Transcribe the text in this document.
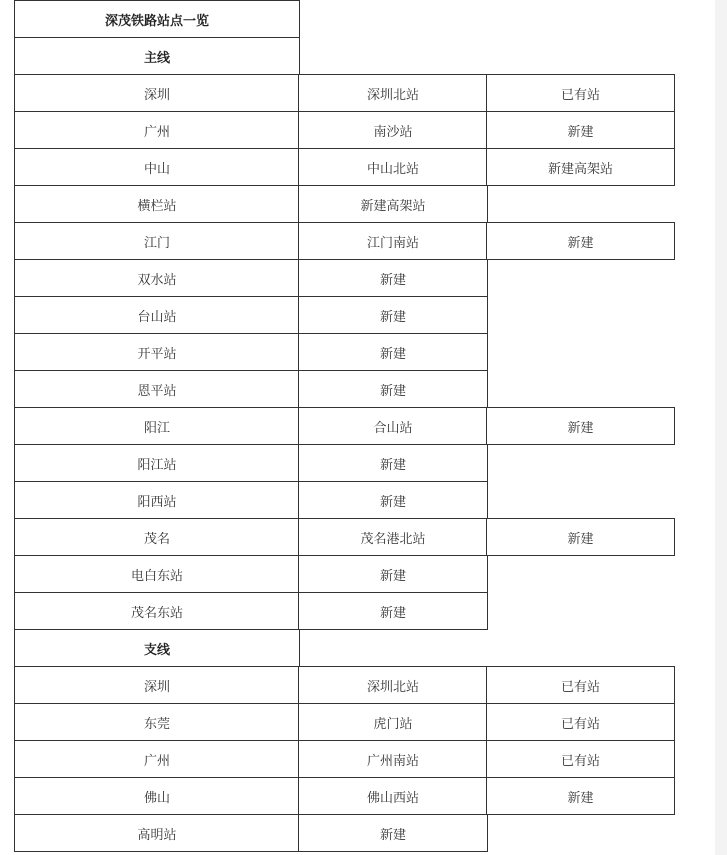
深茂铁路站点一览
主线
深圳	深圳北站	已有站
广州	南沙站	新建
中山	中山北站	新建高架站
横栏站	新建高架站
江门	江门南站	新建
双水站	新建
台山站	新建
开平站	新建
恩平站	新建
阳江	合山站	新建
阳江站	新建
阳西站	新建
茂名	茂名港北站	新建
电白东站	新建
茂名东站	新建
支线
深圳	深圳北站	已有站
东莞	虎门站	已有站
广州	广州南站	已有站
佛山	佛山西站	新建
高明站	新建
